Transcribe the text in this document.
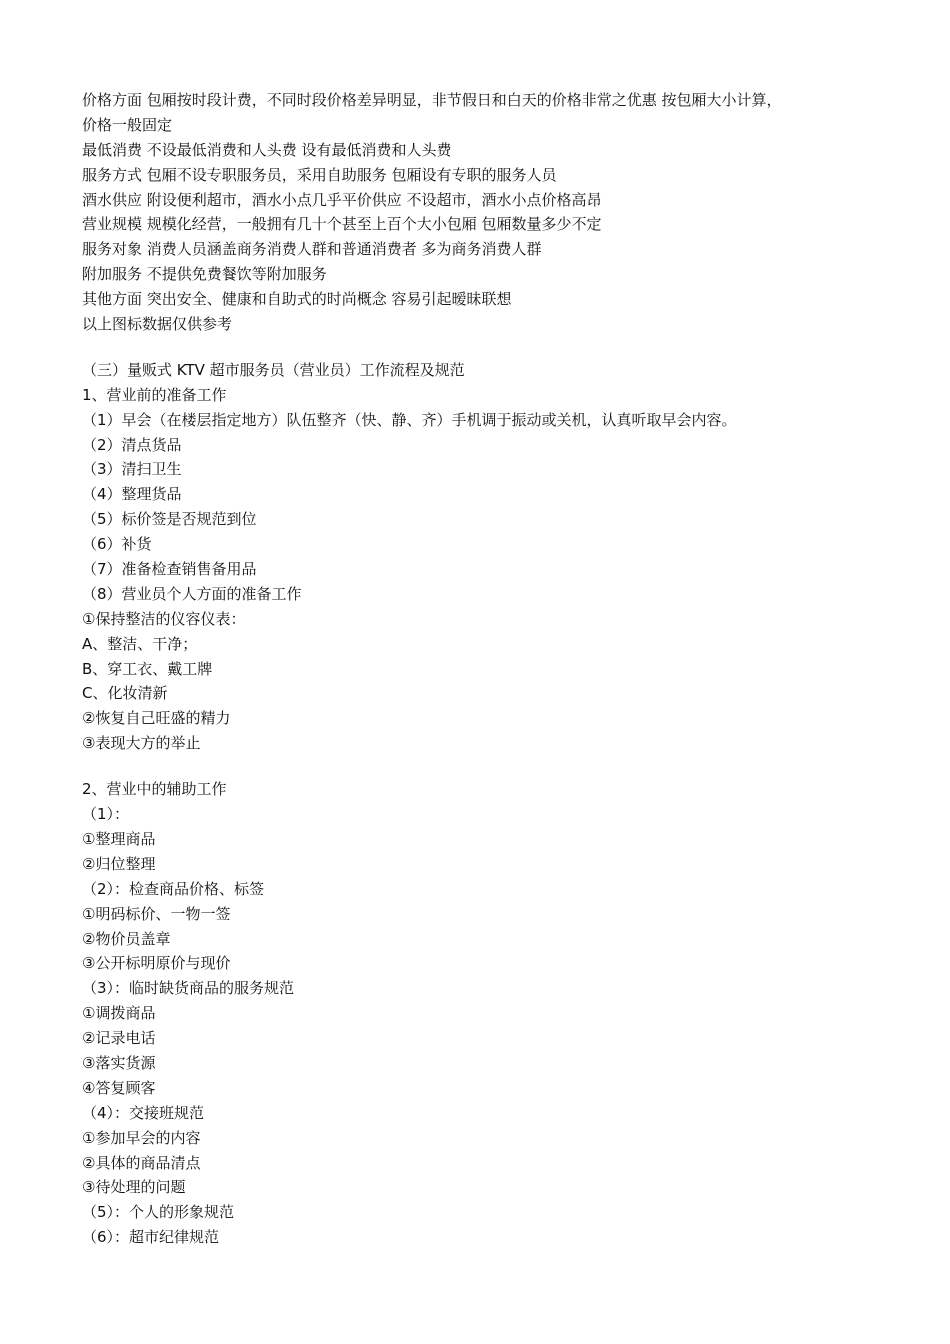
价格方面 包厢按时段计费，不同时段价格差异明显，非节假日和白天的价格非常之优惠 按包厢大小计算，
价格一般固定
最低消费 不设最低消费和人头费 设有最低消费和人头费
服务方式 包厢不设专职服务员，采用自助服务 包厢设有专职的服务人员
酒水供应 附设便利超市，酒水小点几乎平价供应 不设超市，酒水小点价格高昂
营业规模 规模化经营，一般拥有几十个甚至上百个大小包厢 包厢数量多少不定
服务对象 消费人员涵盖商务消费人群和普通消费者 多为商务消费人群
附加服务 不提供免费餐饮等附加服务
其他方面 突出安全、健康和自助式的时尚概念 容易引起暧昧联想
以上图标数据仅供参考
（三）量贩式 KTV 超市服务员（营业员）工作流程及规范
1、营业前的准备工作
（1）早会（在楼层指定地方）队伍整齐（快、静、齐）手机调于振动或关机，认真听取早会内容。
（2）清点货品
（3）清扫卫生
（4）整理货品
（5）标价签是否规范到位
（6）补货
（7）准备检查销售备用品
（8）营业员个人方面的准备工作
①保持整洁的仪容仪表：
A、整洁、干净；
B、穿工衣、戴工牌
C、化妆清新
②恢复自己旺盛的精力
③表现大方的举止
2、营业中的辅助工作
（1）：
①整理商品
②归位整理
（2）：检查商品价格、标签
①明码标价、一物一签
②物价员盖章
③公开标明原价与现价
（3）：临时缺货商品的服务规范
①调拨商品
②记录电话
③落实货源
④答复顾客
（4）：交接班规范
①参加早会的内容
②具体的商品清点
③待处理的问题
（5）：个人的形象规范
（6）：超市纪律规范
